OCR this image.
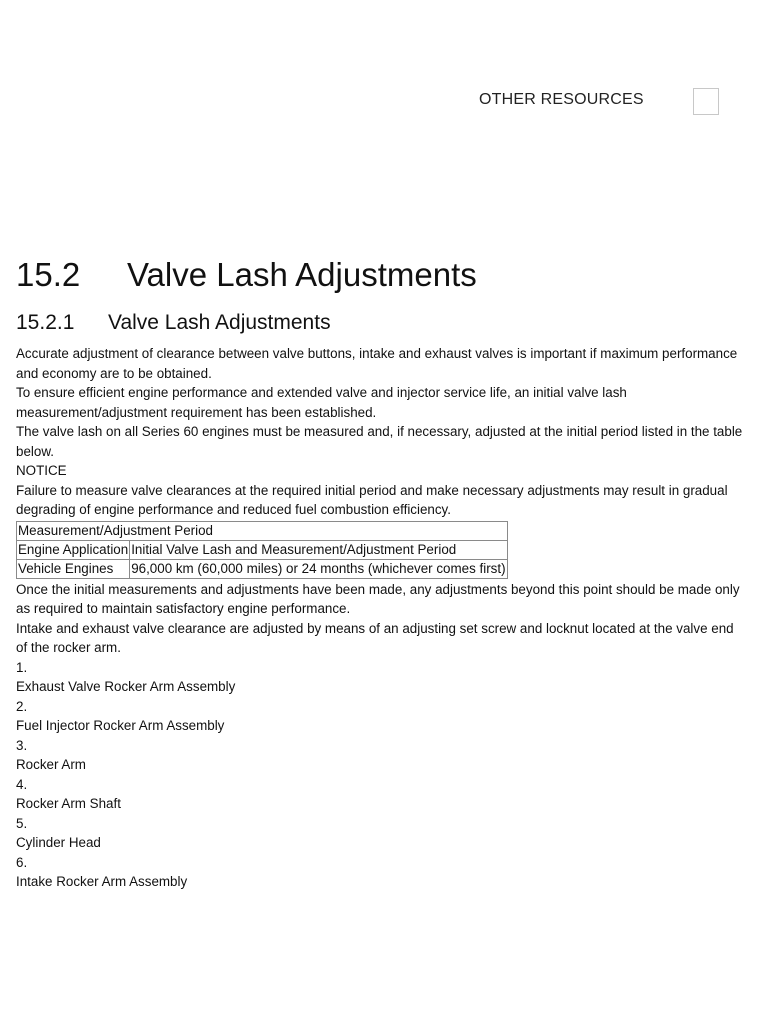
OTHER RESOURCES
15.2 Valve Lash Adjustments
15.2.1 Valve Lash Adjustments

Accurate adjustment of clearance between valve buttons, intake and exhaust valves is important if maximum performance and economy are to be obtained.

To ensure efficient engine performance and extended valve and injector service life, an initial valve lash measurement/adjustment requirement has been established.

The valve lash on all Series 60 engines must be measured and, if necessary, adjusted at the initial period listed in the table below.

NOTICE

Failure to measure valve clearances at the required initial period and make necessary adjustments may result in gradual degrading of engine performance and reduced fuel combustion efficiency.

Measurement/Adjustment Period	
Engine Application	Initial Valve Lash and Measurement/Adjustment Period
Vehicle Engines	96,000 km (60,000 miles) or 24 months (whichever comes first)

Once the initial measurements and adjustments have been made, any adjustments beyond this point should be made only as required to maintain satisfactory engine performance.

Intake and exhaust valve clearance are adjusted by means of an adjusting set screw and locknut located at the valve end of the rocker arm.

1.

Exhaust Valve Rocker Arm Assembly

2.

Fuel Injector Rocker Arm Assembly

3.

Rocker Arm

4.

Rocker Arm Shaft

5.

Cylinder Head

6.

Intake Rocker Arm Assembly
